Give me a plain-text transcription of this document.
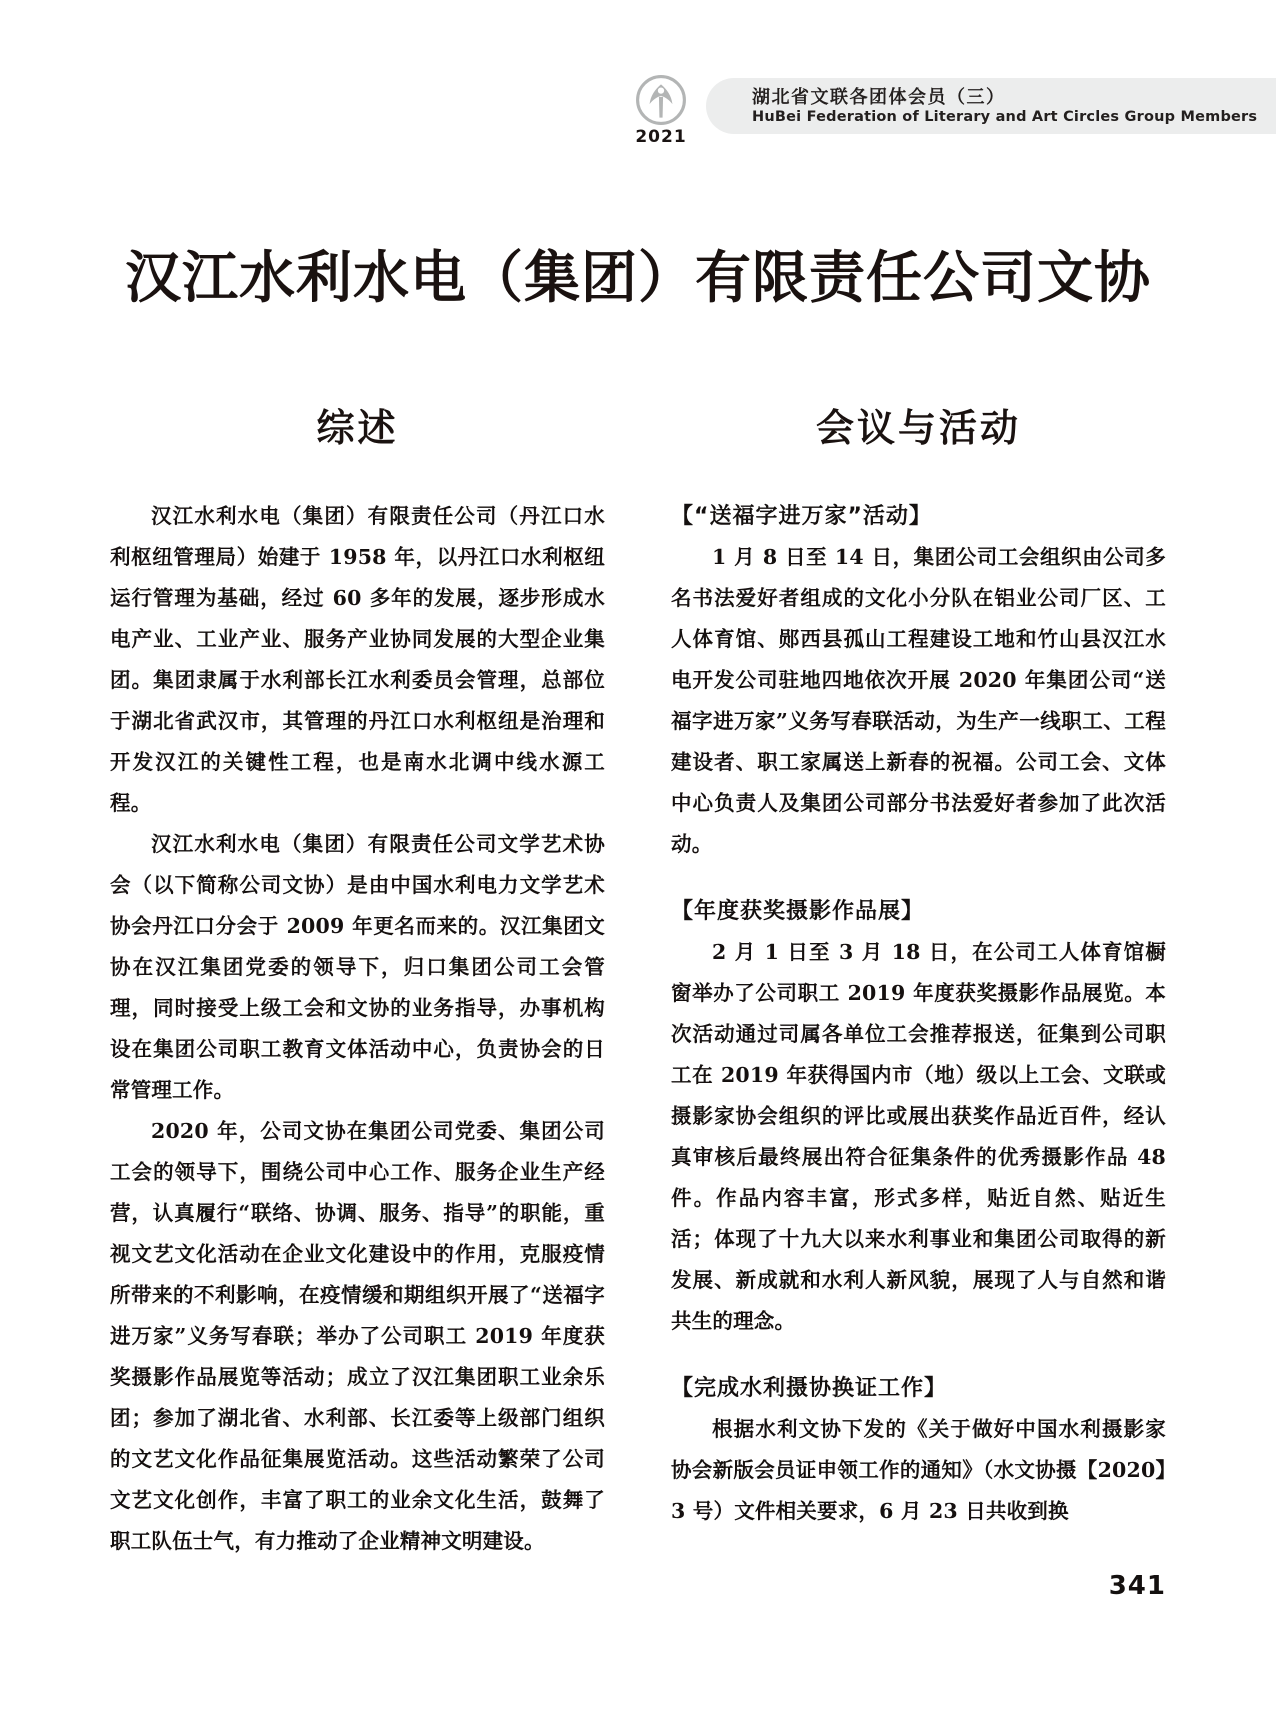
2021
湖北省文联各团体会员（三）
HuBei Federation of Literary and Art Circles Group Members
汉江水利水电（集团）有限责任公司文协
综述

汉江水利水电（集团）有限责任公司（丹江口水利枢纽管理局）始建于 1958 年，以丹江口水利枢纽运行管理为基础，经过 60 多年的发展，逐步形成水电产业、工业产业、服务产业协同发展的大型企业集团。集团隶属于水利部长江水利委员会管理，总部位于湖北省武汉市，其管理的丹江口水利枢纽是治理和开发汉江的关键性工程，也是南水北调中线水源工程。

汉江水利水电（集团）有限责任公司文学艺术协会（以下简称公司文协）是由中国水利电力文学艺术协会丹江口分会于 2009 年更名而来的。汉江集团文协在汉江集团党委的领导下，归口集团公司工会管理，同时接受上级工会和文协的业务指导，办事机构设在集团公司职工教育文体活动中心，负责协会的日常管理工作。

2020 年，公司文协在集团公司党委、集团公司工会的领导下，围绕公司中心工作、服务企业生产经营，认真履行“联络、协调、服务、指导”的职能，重视文艺文化活动在企业文化建设中的作用，克服疫情所带来的不利影响，在疫情缓和期组织开展了“送福字进万家”义务写春联；举办了公司职工 2019 年度获奖摄影作品展览等活动；成立了汉江集团职工业余乐团；参加了湖北省、水利部、长江委等上级部门组织的文艺文化作品征集展览活动。这些活动繁荣了公司文艺文化创作，丰富了职工的业余文化生活，鼓舞了职工队伍士气，有力推动了企业精神文明建设。

会议与活动
【“送福字进万家”活动】

1 月 8 日至 14 日，集团公司工会组织由公司多名书法爱好者组成的文化小分队在铝业公司厂区、工人体育馆、郧西县孤山工程建设工地和竹山县汉江水电开发公司驻地四地依次开展 2020 年集团公司“送福字进万家”义务写春联活动，为生产一线职工、工程建设者、职工家属送上新春的祝福。公司工会、文体中心负责人及集团公司部分书法爱好者参加了此次活动。

【年度获奖摄影作品展】

2 月 1 日至 3 月 18 日，在公司工人体育馆橱窗举办了公司职工 2019 年度获奖摄影作品展览。本次活动通过司属各单位工会推荐报送，征集到公司职工在 2019 年获得国内市（地）级以上工会、文联或摄影家协会组织的评比或展出获奖作品近百件，经认真审核后最终展出符合征集条件的优秀摄影作品 48 件。作品内容丰富，形式多样，贴近自然、贴近生活；体现了十九大以来水利事业和集团公司取得的新发展、新成就和水利人新风貌，展现了人与自然和谐共生的理念。

【完成水利摄协换证工作】

根据水利文协下发的《关于做好中国水利摄影家协会新版会员证申领工作的通知》（水文协摄【2020】3 号）文件相关要求，6 月 23 日共收到换

341
